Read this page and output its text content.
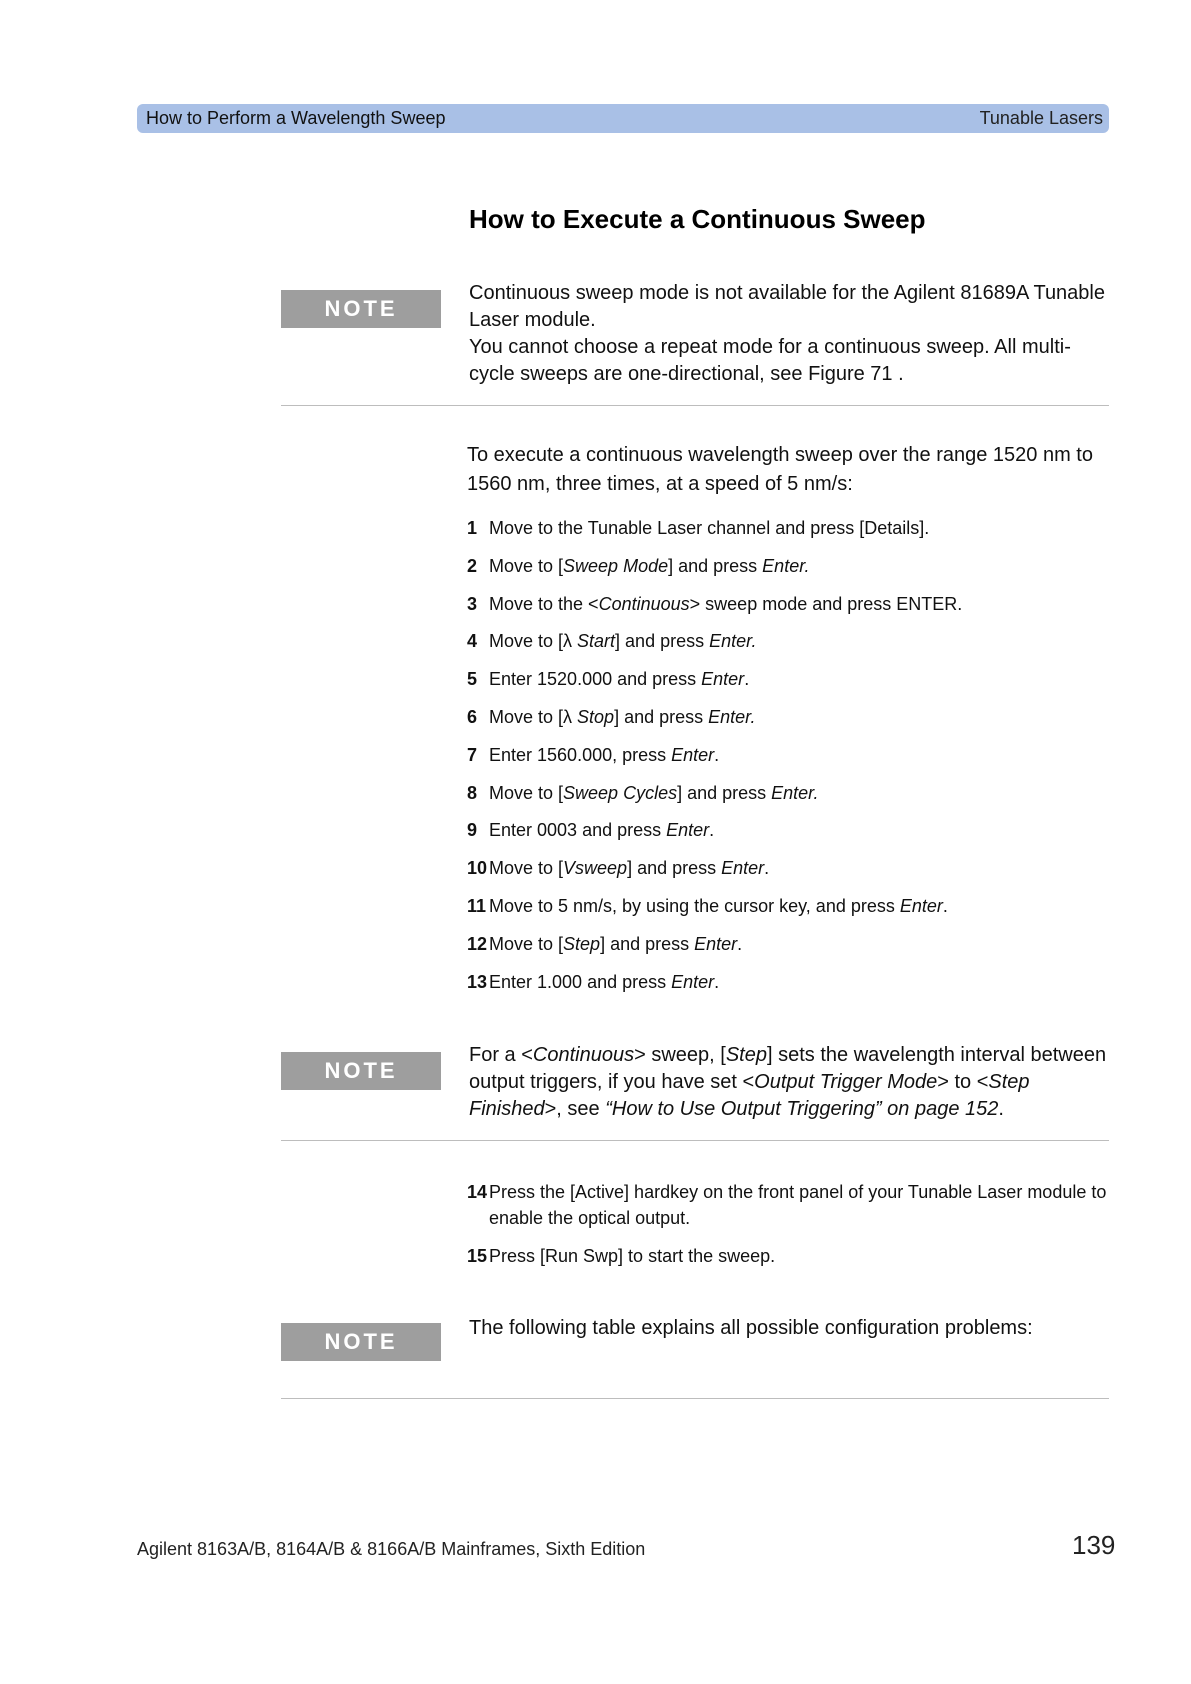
How to Perform a Wavelength Sweep	Tunable Lasers
How to Execute a Continuous Sweep
NOTE
Continuous sweep mode is not available for the Agilent 81689A Tunable Laser module.
You cannot choose a repeat mode for a continuous sweep. All multi-cycle sweeps are one-directional, see Figure 71 .
To execute a continuous wavelength sweep over the range 1520 nm to 1560 nm, three times, at a speed of 5 nm/s:
1 Move to the Tunable Laser channel and press [Details].
2 Move to [Sweep Mode] and press Enter.
3 Move to the <Continuous> sweep mode and press ENTER.
4 Move to [λ Start] and press Enter.
5 Enter 1520.000 and press Enter.
6 Move to [λ Stop] and press Enter.
7 Enter 1560.000, press Enter.
8 Move to [Sweep Cycles] and press Enter.
9 Enter 0003 and press Enter.
10 Move to [Vsweep] and press Enter.
11 Move to 5 nm/s, by using the cursor key, and press Enter.
12 Move to [Step] and press Enter.
13 Enter 1.000 and press Enter.
NOTE
For a <Continuous> sweep, [Step] sets the wavelength interval between output triggers, if you have set <Output Trigger Mode> to <Step Finished>, see “How to Use Output Triggering” on page 152.
14 Press the [Active] hardkey on the front panel of your Tunable Laser module to enable the optical output.
15 Press [Run Swp] to start the sweep.
NOTE
The following table explains all possible configuration problems:
Agilent 8163A/B, 8164A/B & 8166A/B Mainframes, Sixth Edition	139
